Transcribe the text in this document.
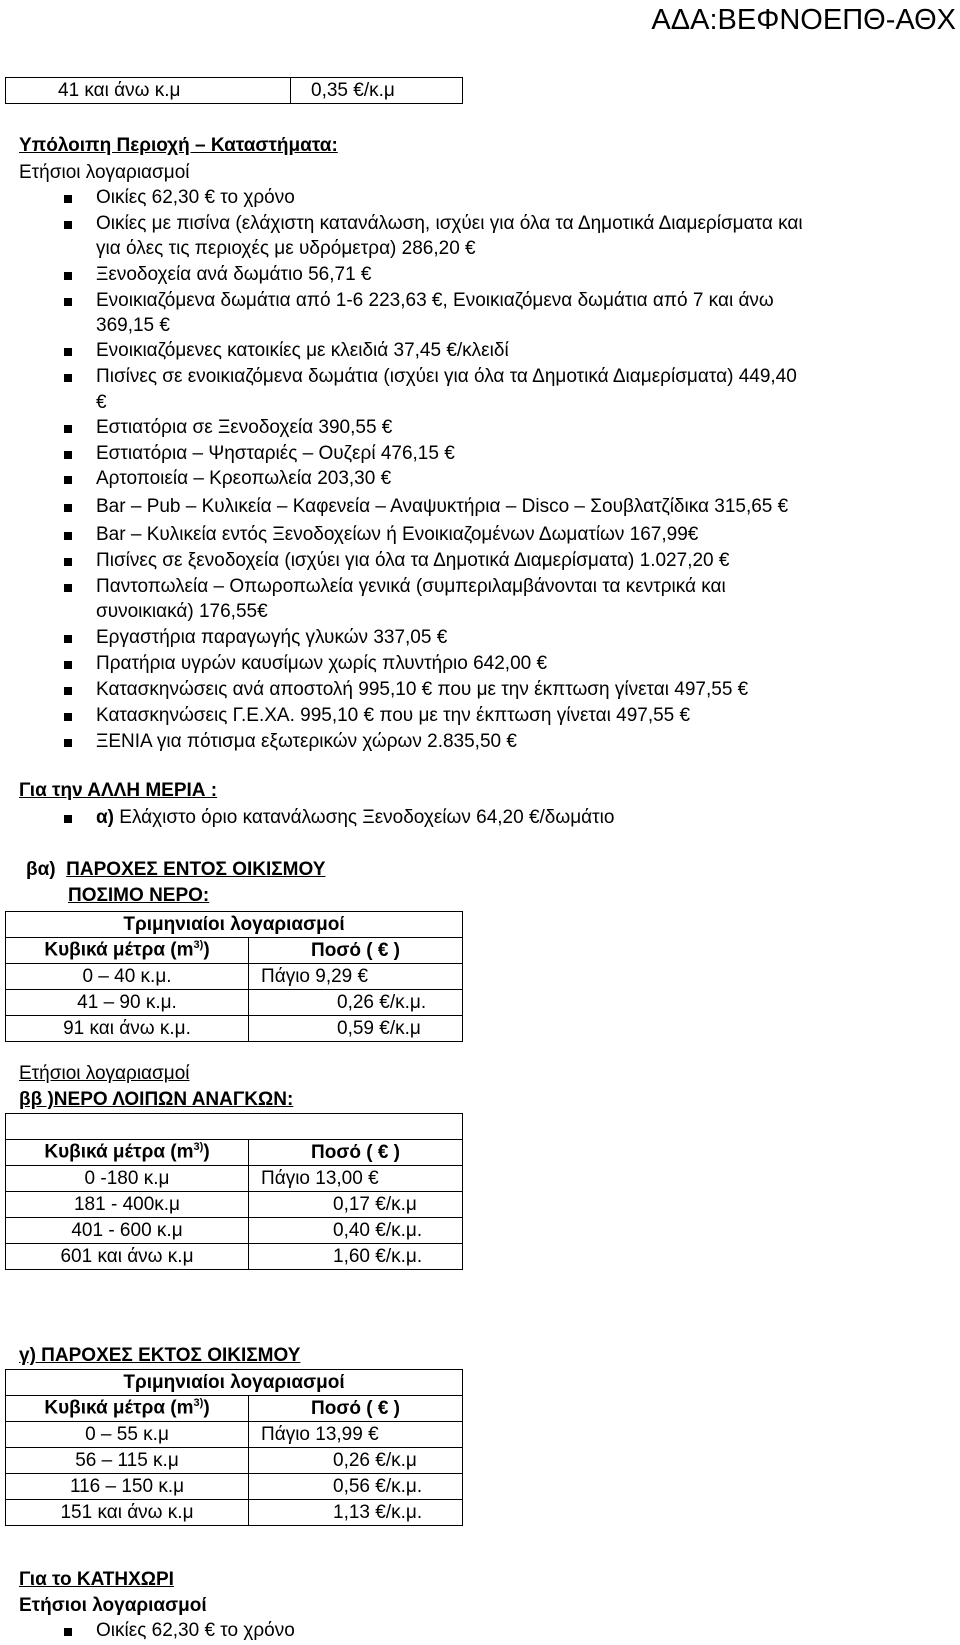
ΑΔΑ:ΒΕΦΝΟΕΠΘ-ΑΘΧ
41 και άνω κ.μ	0,35 €/κ.μ
Υπόλοιπη Περιοχή – Καταστήματα:
Ετήσιοι λογαριασμοί
Οικίες 62,30 € το χρόνο
Οικίες με πισίνα (ελάχιστη κατανάλωση, ισχύει για όλα τα Δημοτικά Διαμερίσματα και
για όλες τις περιοχές με υδρόμετρα) 286,20 €
Ξενοδοχεία ανά δωμάτιο 56,71 €
Ενοικιαζόμενα δωμάτια από 1-6 223,63 €, Ενοικιαζόμενα δωμάτια από 7 και άνω
369,15 €
Ενοικιαζόμενες κατοικίες με κλειδιά 37,45 €/κλειδί
Πισίνες σε ενοικιαζόμενα δωμάτια (ισχύει για όλα τα Δημοτικά Διαμερίσματα) 449,40
€
Εστιατόρια σε Ξενοδοχεία 390,55 €
Εστιατόρια – Ψησταριές – Ουζερί 476,15 €
Αρτοποιεία – Κρεοπωλεία 203,30 €
Bar – Pub – Κυλικεία – Καφενεία – Αναψυκτήρια – Disco – Σουβλατζίδικα 315,65 €
Bar – Κυλικεία εντός Ξενοδοχείων ή Ενοικιαζομένων Δωματίων 167,99€
Πισίνες σε ξενοδοχεία (ισχύει για όλα τα Δημοτικά Διαμερίσματα) 1.027,20 €
Παντοπωλεία – Οπωροπωλεία γενικά (συμπεριλαμβάνονται τα κεντρικά και
συνοικιακά) 176,55€
Εργαστήρια παραγωγής γλυκών 337,05 €
Πρατήρια υγρών καυσίμων χωρίς πλυντήριο 642,00 €
Κατασκηνώσεις ανά αποστολή 995,10 € που με την έκπτωση γίνεται 497,55 €
Κατασκηνώσεις Γ.Ε.ΧΑ. 995,10 € που με την έκπτωση γίνεται 497,55 €
ΞΕΝΙΑ για πότισμα εξωτερικών χώρων 2.835,50 €
Για την ΑΛΛΗ ΜΕΡΙΑ :
α) Ελάχιστο όριο κατανάλωσης Ξενοδοχείων 64,20 €/δωμάτιο
βα) ΠΑΡΟΧΕΣ ΕΝΤΟΣ ΟΙΚΙΣΜΟΥ
ΠΟΣΙΜΟ ΝΕΡΟ:
Τριμηνιαίοι λογαριασμοί	
Κυβικά μέτρα $(m^{3)})$	Ποσό ( € )
0 – 40 κ.μ.	Πάγιο 9,29 €
41 – 90 κ.μ.	0,26 €/κ.μ.
91 και άνω κ.μ.	0,59 €/κ.μ
Ετήσιοι λογαριασμοί
ββ )ΝΕΡΟ ΛΟΙΠΩΝ ΑΝΑΓΚΩΝ:

Κυβικά μέτρα $(m^{3)})$	Ποσό ( € )
0 -180 κ.μ	Πάγιο 13,00 €
181 - 400κ.μ	0,17 €/κ.μ
401 - 600 κ.μ	0,40 €/κ.μ.
601 και άνω κ.μ	1,60 €/κ.μ.
γ) ΠΑΡΟΧΕΣ ΕΚΤΟΣ ΟΙΚΙΣΜΟΥ
Τριμηνιαίοι λογαριασμοί	
Κυβικά μέτρα $(m^{3)})$	Ποσό ( € )
0 – 55 κ.μ	Πάγιο 13,99 €
56 – 115 κ.μ	0,26 €/κ.μ
116 – 150 κ.μ	0,56 €/κ.μ.
151 και άνω κ.μ	1,13 €/κ.μ.
Για το ΚΑΤΗΧΩΡΙ
Ετήσιοι λογαριασμοί
Οικίες 62,30 € το χρόνο
